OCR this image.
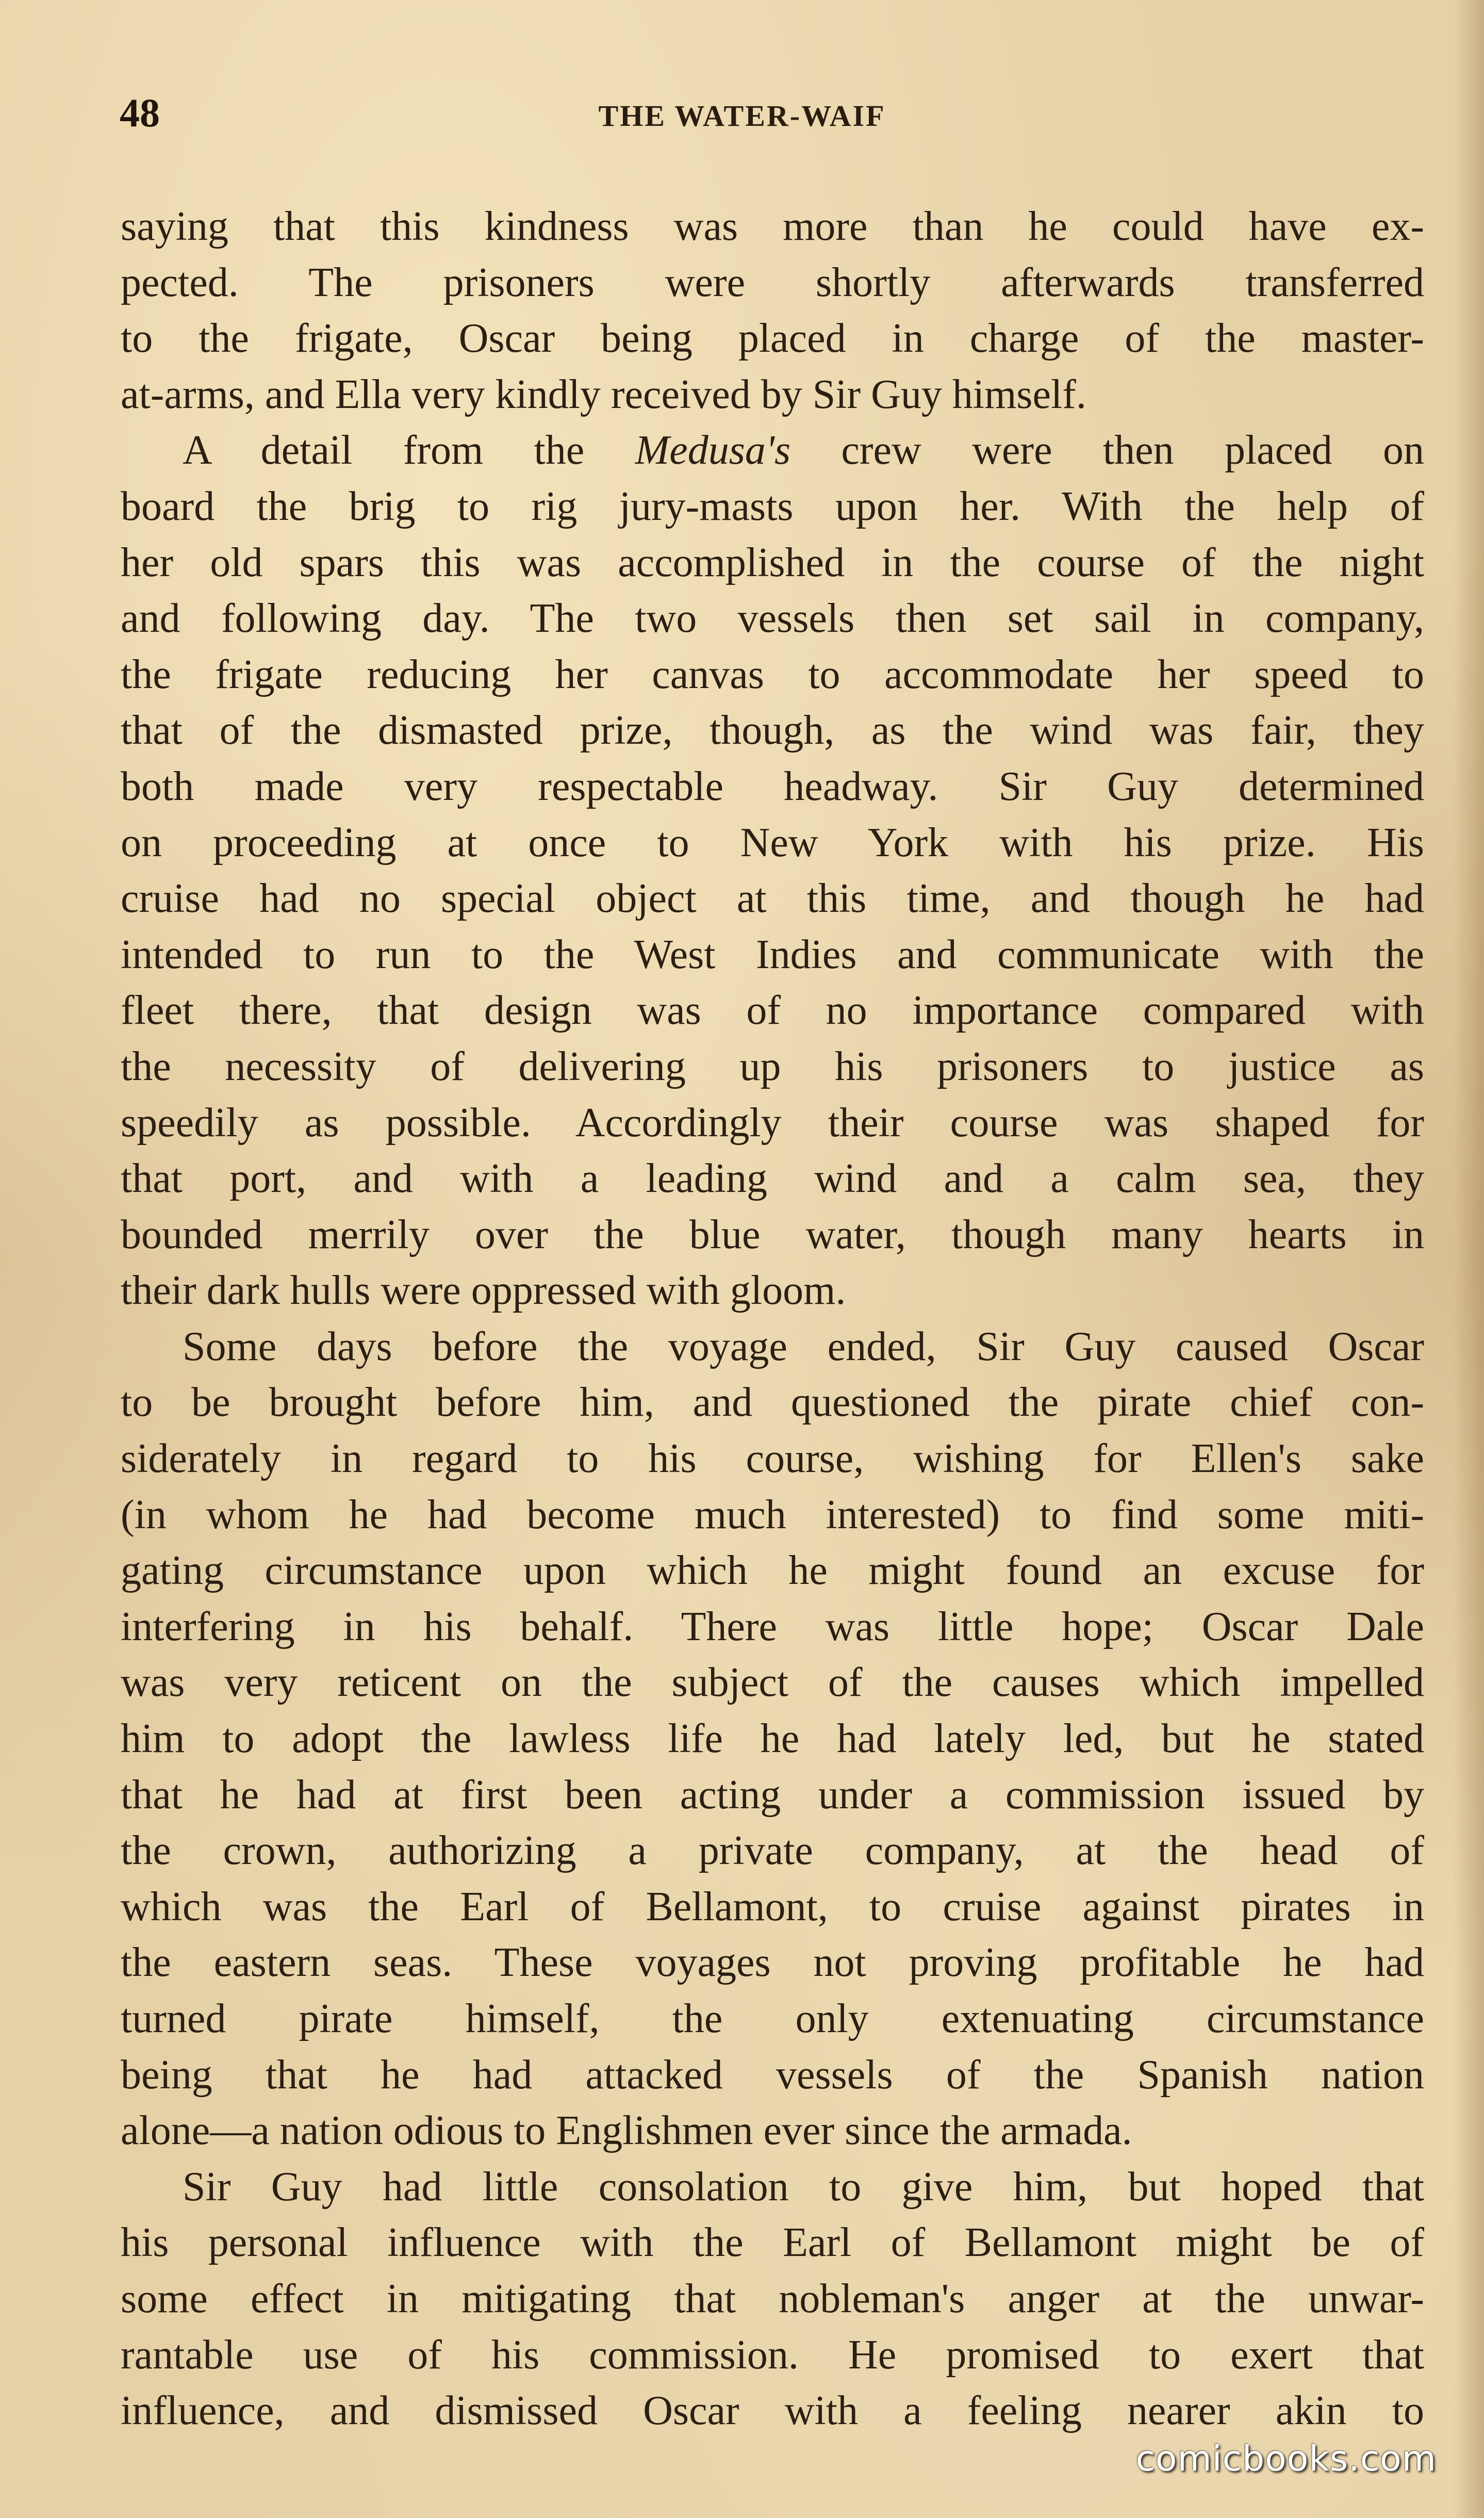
48	THE WATER-WAIF
saying that this kindness was more than he could have ex-
pected. The prisoners were shortly afterwards transferred
to the frigate, Oscar being placed in charge of the master-
at-arms, and Ella very kindly received by Sir Guy himself.
A detail from the Medusa's crew were then placed on
board the brig to rig jury-masts upon her. With the help of
her old spars this was accomplished in the course of the night
and following day. The two vessels then set sail in company,
the frigate reducing her canvas to accommodate her speed to
that of the dismasted prize, though, as the wind was fair, they
both made very respectable headway. Sir Guy determined
on proceeding at once to New York with his prize. His
cruise had no special object at this time, and though he had
intended to run to the West Indies and communicate with the
fleet there, that design was of no importance compared with
the necessity of delivering up his prisoners to justice as
speedily as possible. Accordingly their course was shaped for
that port, and with a leading wind and a calm sea, they
bounded merrily over the blue water, though many hearts in
their dark hulls were oppressed with gloom.
Some days before the voyage ended, Sir Guy caused Oscar
to be brought before him, and questioned the pirate chief con-
siderately in regard to his course, wishing for Ellen's sake
(in whom he had become much interested) to find some miti-
gating circumstance upon which he might found an excuse for
interfering in his behalf. There was little hope; Oscar Dale
was very reticent on the subject of the causes which impelled
him to adopt the lawless life he had lately led, but he stated
that he had at first been acting under a commission issued by
the crown, authorizing a private company, at the head of
which was the Earl of Bellamont, to cruise against pirates in
the eastern seas. These voyages not proving profitable he had
turned pirate himself, the only extenuating circumstance
being that he had attacked vessels of the Spanish nation
alone—a nation odious to Englishmen ever since the armada.
Sir Guy had little consolation to give him, but hoped that
his personal influence with the Earl of Bellamont might be of
some effect in mitigating that nobleman's anger at the unwar-
rantable use of his commission. He promised to exert that
influence, and dismissed Oscar with a feeling nearer akin to
comicbooks.com
